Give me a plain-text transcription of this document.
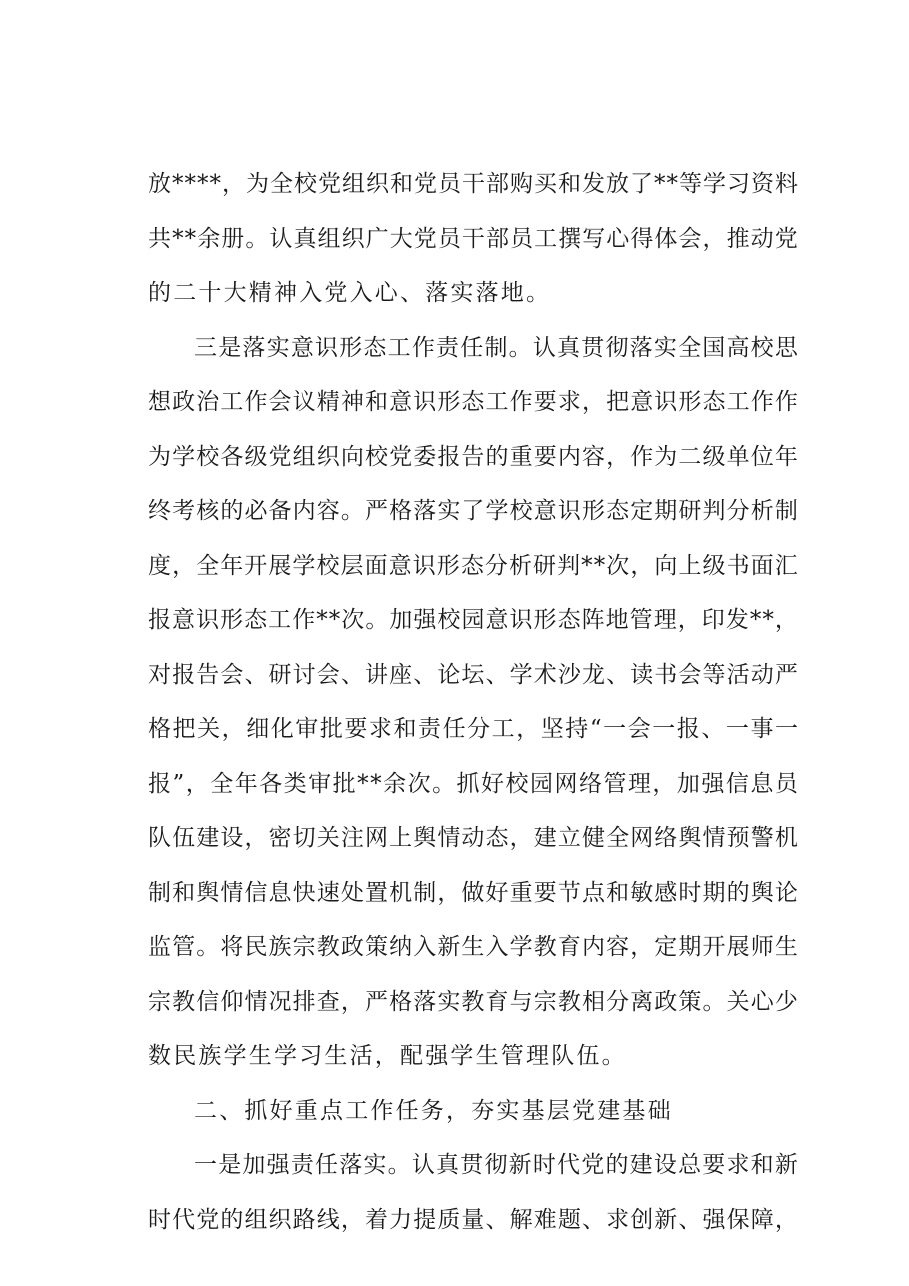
放 * * * * ， 为 全 校 党 组 织 和 党 员 干 部 购 买 和 发 放 了 * * 等 学 习 资 料
共 * * 余 册 。 认 真 组 织 广 大 党 员 干 部 员 工 撰 写 心 得 体 会 ， 推 动 党
的二十大精神入党入心、落实落地。
三 是 落 实 意 识 形 态 工 作 责 任 制 。 认 真 贯 彻 落 实 全 国 高 校 思
想 政 治 工 作 会 议 精 神 和 意 识 形 态 工 作 要 求 ， 把 意 识 形 态 工 作 作
为 学 校 各 级 党 组 织 向 校 党 委 报 告 的 重 要 内 容 ， 作 为 二 级 单 位 年
终 考 核 的 必 备 内 容 。 严 格 落 实 了 学 校 意 识 形 态 定 期 研 判 分 析 制
度 ， 全 年 开 展 学 校 层 面 意 识 形 态 分 析 研 判 * * 次 ， 向 上 级 书 面 汇
报 意 识 形 态 工 作 * * 次 。 加 强 校 园 意 识 形 态 阵 地 管 理 ， 印 发 * * ，
对 报 告 会 、 研 讨 会 、 讲 座 、 论 坛 、 学 术 沙 龙 、 读 书 会 等 活 动 严
格 把 关 ， 细 化 审 批 要 求 和 责 任 分 工 ， 坚 持 “ 一 会 一 报 、 一 事 一
报 ” ， 全 年 各 类 审 批 * * 余 次 。 抓 好 校 园 网 络 管 理 ， 加 强 信 息 员
队 伍 建 设 ， 密 切 关 注 网 上 舆 情 动 态 ， 建 立 健 全 网 络 舆 情 预 警 机
制 和 舆 情 信 息 快 速 处 置 机 制 ， 做 好 重 要 节 点 和 敏 感 时 期 的 舆 论
监 管 。 将 民 族 宗 教 政 策 纳 入 新 生 入 学 教 育 内 容 ， 定 期 开 展 师 生
宗 教 信 仰 情 况 排 查 ， 严 格 落 实 教 育 与 宗 教 相 分 离 政 策 。 关 心 少
数民族学生学习生活，配强学生管理队伍。
二、抓好重点工作任务，夯实基层党建基础
一 是 加 强 责 任 落 实 。 认 真 贯 彻 新 时 代 党 的 建 设 总 要 求 和 新
时 代 党 的 组 织 路 线 ， 着 力 提 质 量 、 解 难 题 、 求 创 新 、 强 保 障 ，
